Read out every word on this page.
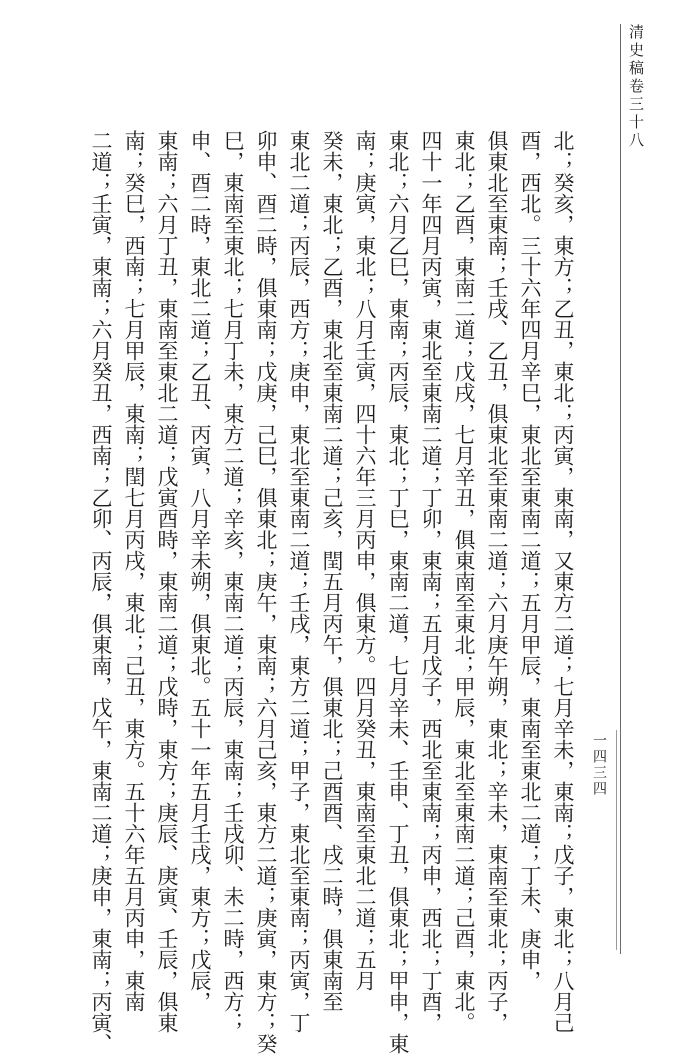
清史稿卷三十八
北；癸亥，東方；乙丑，東北；丙寅，東南，又東方二道；七月辛未，東南；戊子，東北；八月己
酉，西北。三十六年四月辛巳，東北至東南二道；五月甲辰，東南至東北二道；丁未、庚申，
俱東北至東南；壬戌、乙丑，俱東北至東南二道；六月庚午朔，東北；辛未，東南至東北；丙子，
東北；乙酉，東南二道；戊戌，七月辛丑，俱東南至東北；甲辰，東北至東南二道；己酉，東北。
四十一年四月丙寅，東北至東南二道；丁卯，東南；五月戊子，西北至東南；丙申，西北；丁酉，
東北；六月乙巳，東南；丙辰，東北；丁巳，東南二道，七月辛未、壬申、丁丑，俱東北；甲申，東
南；庚寅，東北；八月壬寅，四十六年三月丙申，俱東方。四月癸丑，東南至東北二道；五月
癸未，東北；乙酉，東北至東南二道；己亥，閏五月丙午，俱東北；己酉酉、戌二時，俱東南至
東北二道；丙辰，西方；庚申，東北至東南二道；壬戌，東方二道；甲子，東北至東南；丙寅，丁
卯申、酉二時，俱東南；戊庚，己巳，俱東北；庚午，東南；六月己亥，東方二道；庚寅，東方；癸
巳，東南至東北；七月丁未，東方二道；辛亥，東南二道；丙辰，東南；壬戌卯、未二時，西方；
申、酉二時，東北二道；乙丑、丙寅，八月辛未朔，俱東北。五十一年五月壬戌，東方；戊辰，
東南；六月丁丑，東南至東北二道；戊寅酉時，東南二道；戊時，東方；庚辰、庚寅、壬辰，俱東
南；癸巳，西南；七月甲辰，東南；閏七月丙戌，東北；己丑，東方。五十六年五月丙申，東南
二道；壬寅，東南；六月癸丑，西南；乙卯、丙辰，俱東南，戊午，東南二道；庚申，東南；丙寅、	一四三四
